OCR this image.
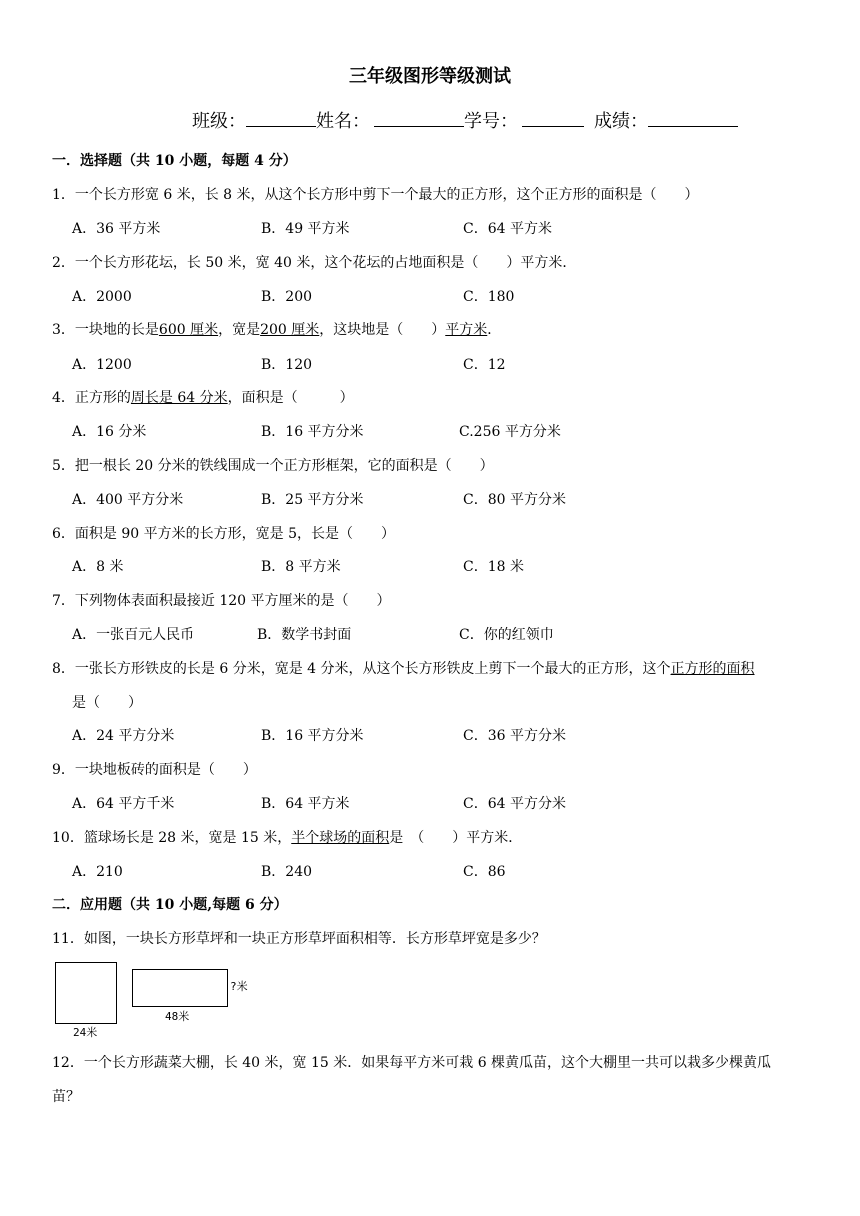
三年级图形等级测试
班级：	姓名：	学号：	成绩：
一．选择题（共 10 小题，每题 4 分）
1．一个长方形宽 6 米，长 8 米，从这个长方形中剪下一个最大的正方形，这个正方形的面积是（　　）
A．36 平方米	B．49 平方米	C．64 平方米
2．一个长方形花坛，长 50 米，宽 40 米，这个花坛的占地面积是（　　）平方米．
A．2000	B．200	C．180
3．一块地的长是600 厘米，宽是200 厘米，这块地是（　　）平方米．
A．1200	B．120	C．12
4．正方形的周长是 64 分米，面积是（　　　）
A．16 分米	B．16 平方分米	C.256 平方分米
5．把一根长 20 分米的铁线围成一个正方形框架，它的面积是（　　）
A．400 平方分米	B．25 平方分米	C．80 平方分米
6．面积是 90 平方米的长方形，宽是 5，长是（　　）
A．8 米	B．8 平方米	C．18 米
7．下列物体表面积最接近 120 平方厘米的是（　　）
A．一张百元人民币	B．数学书封面	C．你的红领巾
8．一张长方形铁皮的长是 6 分米，宽是 4 分米，从这个长方形铁皮上剪下一个最大的正方形，这个正方形的面积
是（　　）
A．24 平方分米	B．16 平方分米	C．36 平方分米
9．一块地板砖的面积是（　　）
A．64 平方千米	B．64 平方米	C．64 平方分米
10．篮球场长是 28 米，宽是 15 米，半个球场的面积是　（　　）平方米．
A．210	B．240	C．86
二．应用题（共 10 小题,每题 6 分）
11．如图，一块长方形草坪和一块正方形草坪面积相等．长方形草坪宽是多少？
24米
?米
48米
12．一个长方形蔬菜大棚，长 40 米，宽 15 米．如果每平方米可栽 6 棵黄瓜苗，这个大棚里一共可以栽多少棵黄瓜
苗？
